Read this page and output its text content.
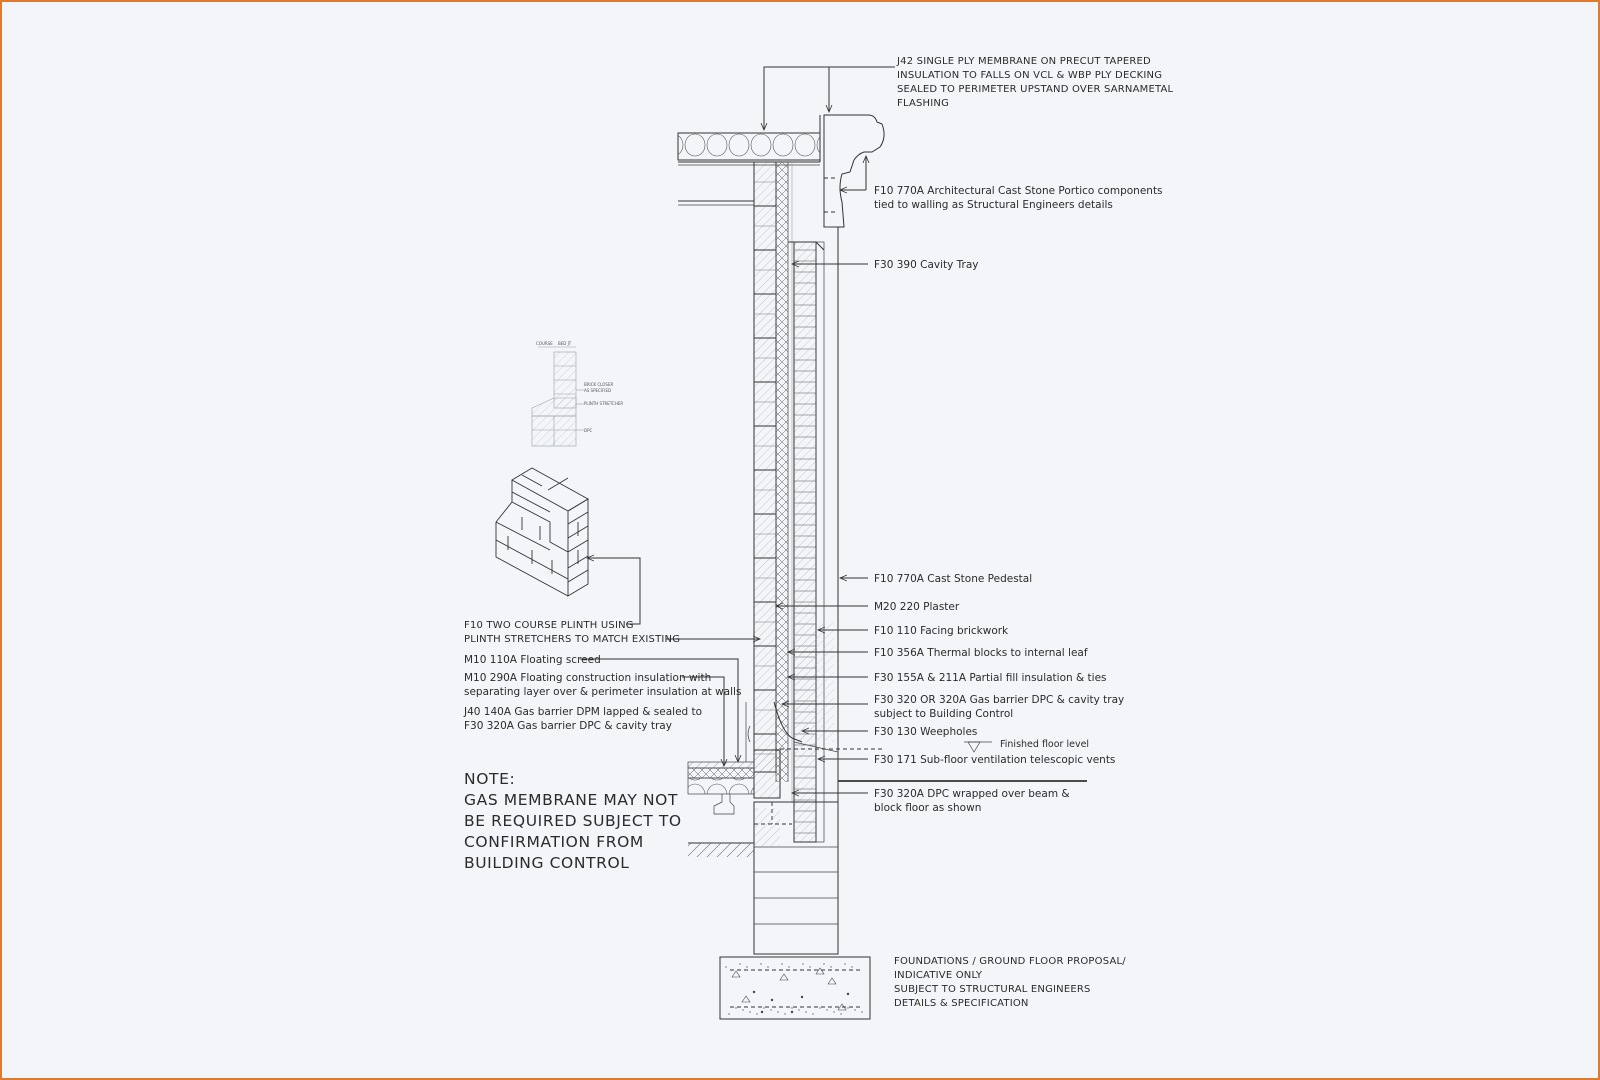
COURSE BED JT
BRICK CLOSER
AS SPECIFIED
PLINTH STRETCHER
DPC
J42 SINGLE PLY MEMBRANE ON PRECUT TAPERED
INSULATION TO FALLS ON VCL & WBP PLY DECKING
SEALED TO PERIMETER UPSTAND OVER SARNAMETAL
FLASHING
F10 770A Architectural Cast Stone Portico components
tied to walling as Structural Engineers details
F30 390 Cavity Tray
F10 770A Cast Stone Pedestal
M20 220 Plaster
F10 110 Facing brickwork
F10 356A Thermal blocks to internal leaf
F30 155A & 211A Partial fill insulation & ties
F30 320 OR 320A Gas barrier DPC & cavity tray
subject to Building Control
F30 130 Weepholes
Finished floor level
F30 171 Sub-floor ventilation telescopic vents
F30 320A DPC wrapped over beam &
block floor as shown
F10 TWO COURSE PLINTH USING
PLINTH STRETCHERS TO MATCH EXISTING
M10 110A Floating screed
M10 290A Floating construction insulation with
separating layer over & perimeter insulation at walls
J40 140A Gas barrier DPM lapped & sealed to
F30 320A Gas barrier DPC & cavity tray
NOTE:
GAS MEMBRANE MAY NOT
BE REQUIRED SUBJECT TO
CONFIRMATION FROM
BUILDING CONTROL
FOUNDATIONS / GROUND FLOOR PROPOSAL/
INDICATIVE ONLY
SUBJECT TO STRUCTURAL ENGINEERS
DETAILS & SPECIFICATION
